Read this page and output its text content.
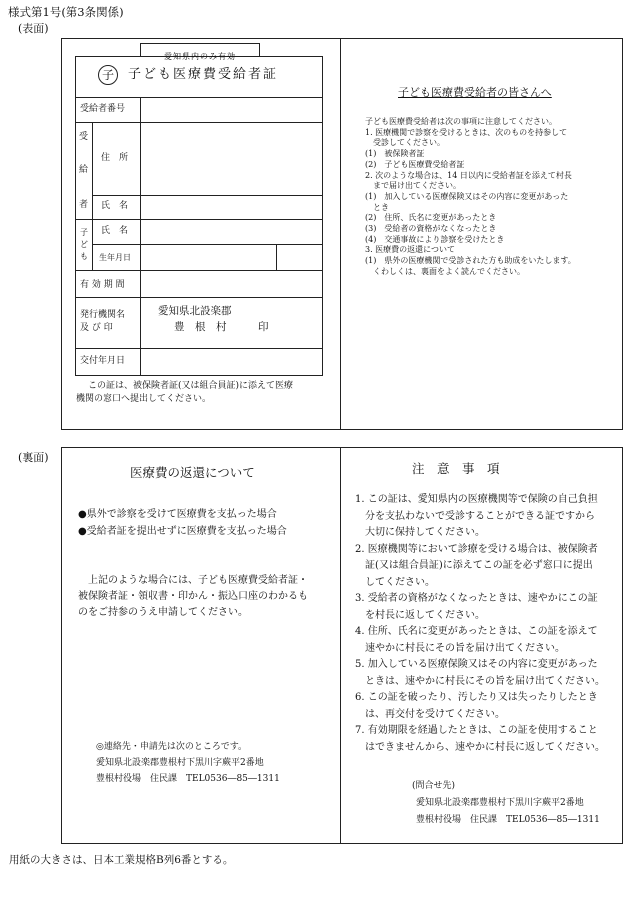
様式第1号(第3条関係)
(表面)
愛知県内のみ有効
子	子ども医療費受給者証
受給者番号
受
給
者
住　所
氏　名
子
ど
も
氏　名
生年月日
有 効 期 間
発行機関名
及 び 印
愛知県北設楽郡
豊　根　村　　　印
交付年月日
この証は、被保険者証(又は組合員証)に添えて医療
機関の窓口へ提出してください。
子ども医療費受給者の皆さんへ
子ども医療費受給者は次の事項に注意してください。
1. 医療機関で診察を受けるときは、次のものを持参して
　受診してください。
(1)　被保険者証
(2)　子ども医療費受給者証
2. 次のような場合は、14 日以内に受給者証を添えて村長
　まで届け出てください。
(1)　加入している医療保険又はその内容に変更があった
　とき
(2)　住所、氏名に変更があったとき
(3)　受給者の資格がなくなったとき
(4)　交通事故により診察を受けたとき
3. 医療費の返還について
(1)　県外の医療機関で受診された方も助成をいたします。
　くわしくは、裏面をよく読んでください。
(裏面)
医療費の返還について
●県外で診察を受けて医療費を支払った場合
●受給者証を提出せずに医療費を支払った場合
　上記のような場合には、子ども医療費受給者証・
被保険者証・領収書・印かん・振込口座のわかるも
のをご持参のうえ申請してください。
◎連絡先・申請先は次のところです。
愛知県北設楽郡豊根村下黒川字蕨平2番地
豊根村役場　住民課　TEL0536―85―1311
注　意　事　項
1. この証は、愛知県内の医療機関等で保険の自己負担
　分を支払わないで受診することができる証ですから
　大切に保持してください。
2. 医療機関等において診療を受ける場合は、被保険者
　証(又は組合員証)に添えてこの証を必ず窓口に提出
　してください。
3. 受給者の資格がなくなったときは、速やかにこの証
　を村長に返してください。
4. 住所、氏名に変更があったときは、この証を添えて
　速やかに村長にその旨を届け出てください。
5. 加入している医療保険又はその内容に変更があった
　ときは、速やかに村長にその旨を届け出てください。
6. この証を破ったり、汚したり又は失ったりしたとき
　は、再交付を受けてください。
7. 有効期限を経過したときは、この証を使用すること
　はできませんから、速やかに村長に返してください。
(問合せ先)
愛知県北設楽郡豊根村下黒川字蕨平2番地
豊根村役場　住民課　TEL0536―85―1311
用紙の大きさは、日本工業規格B列6番とする。
